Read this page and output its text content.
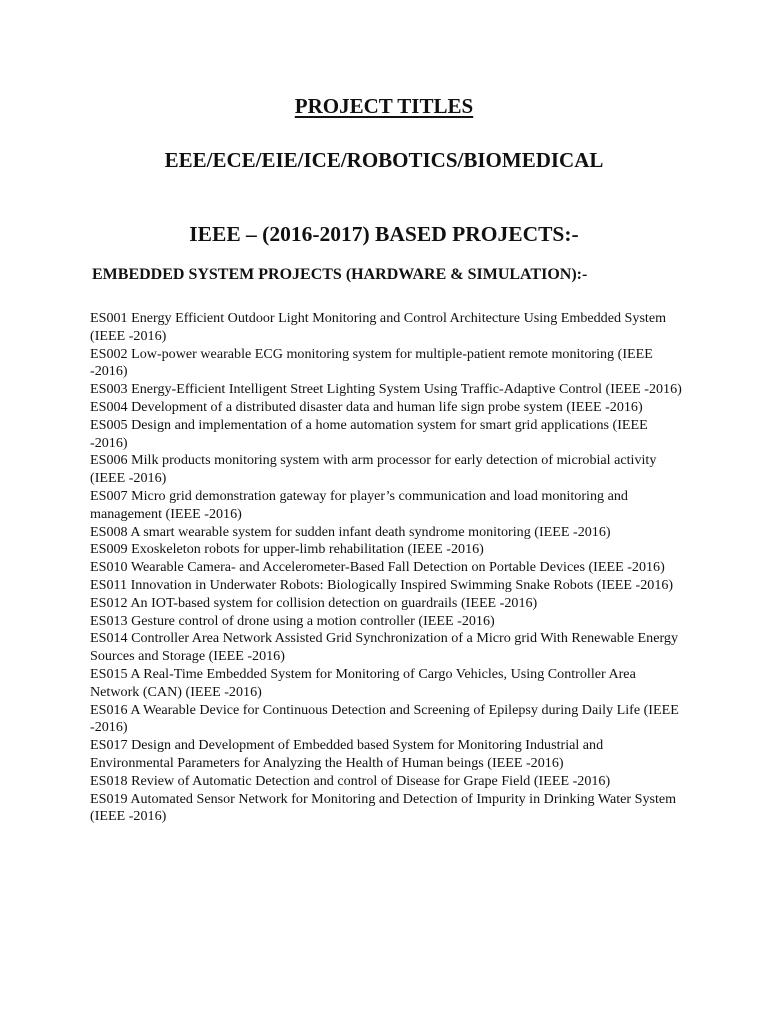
PROJECT TITLES
EEE/ECE/EIE/ICE/ROBOTICS/BIOMEDICAL
IEEE – (2016-2017) BASED PROJECTS:-
EMBEDDED SYSTEM PROJECTS (HARDWARE & SIMULATION):-
ES001 Energy Efficient Outdoor Light Monitoring and Control Architecture Using Embedded System (IEEE -2016)
ES002 Low-power wearable ECG monitoring system for multiple-patient remote monitoring (IEEE -2016)
ES003 Energy-Efficient Intelligent Street Lighting System Using Traffic-Adaptive Control (IEEE -2016)
ES004 Development of a distributed disaster data and human life sign probe system (IEEE -2016)
ES005 Design and implementation of a home automation system for smart grid applications (IEEE -2016)
ES006 Milk products monitoring system with arm processor for early detection of microbial activity (IEEE -2016)
ES007 Micro grid demonstration gateway for player’s communication and load monitoring and management (IEEE -2016)
ES008 A smart wearable system for sudden infant death syndrome monitoring (IEEE -2016)
ES009 Exoskeleton robots for upper-limb rehabilitation (IEEE -2016)
ES010 Wearable Camera- and Accelerometer-Based Fall Detection on Portable Devices (IEEE -2016)
ES011 Innovation in Underwater Robots: Biologically Inspired Swimming Snake Robots (IEEE -2016)
ES012 An IOT-based system for collision detection on guardrails (IEEE -2016)
ES013 Gesture control of drone using a motion controller (IEEE -2016)
ES014 Controller Area Network Assisted Grid Synchronization of a Micro grid With Renewable Energy Sources and Storage (IEEE -2016)
ES015 A Real-Time Embedded System for Monitoring of Cargo Vehicles, Using Controller Area Network (CAN) (IEEE -2016)
ES016 A Wearable Device for Continuous Detection and Screening of Epilepsy during Daily Life (IEEE -2016)
ES017 Design and Development of Embedded based System for Monitoring Industrial and Environmental Parameters for Analyzing the Health of Human beings (IEEE -2016)
ES018 Review of Automatic Detection and control of Disease for Grape Field (IEEE -2016)
ES019 Automated Sensor Network for Monitoring and Detection of Impurity in Drinking Water System (IEEE -2016)
